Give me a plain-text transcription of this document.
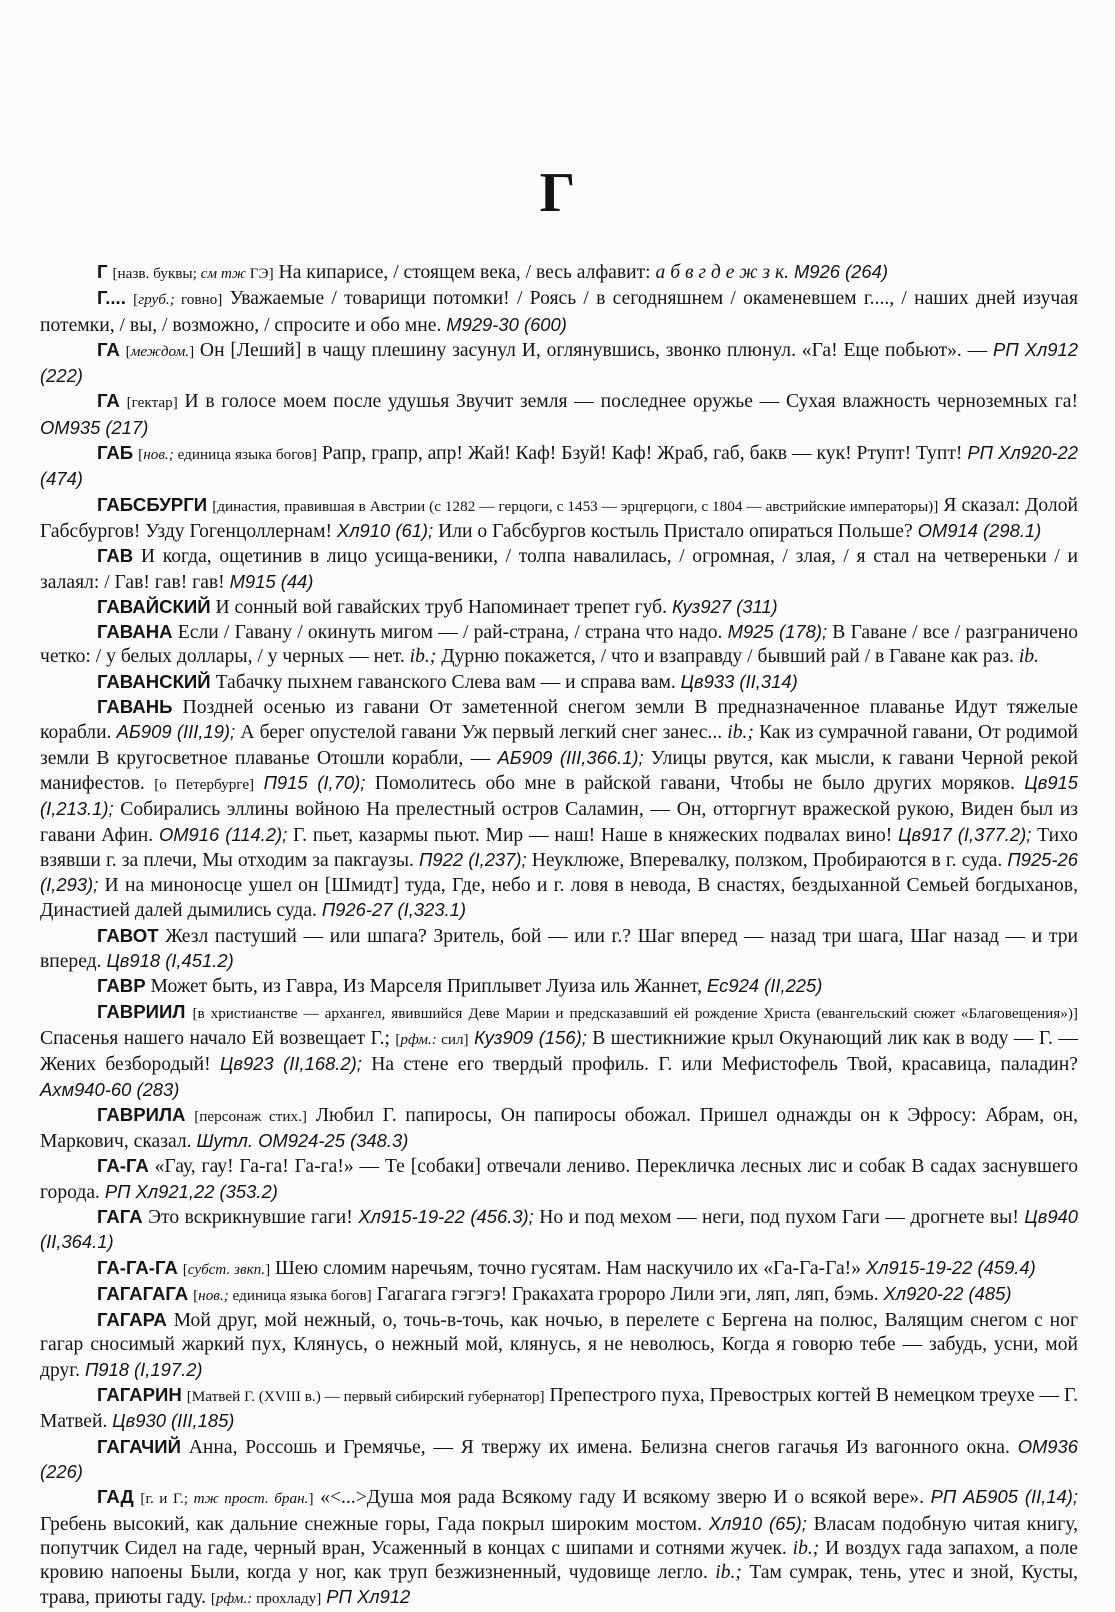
Г

Г [назв. буквы; см тж ГЭ] На кипарисе, / стоящем века, / весь алфавит: а б в г д е ж з к. М926 (264)

Г.... [груб.; говно] Уважаемые / товарищи потомки! / Роясь / в сегодняшнем / окаменевшем г...., / наших дней изучая потемки, / вы, / возможно, / спросите и обо мне. М929-30 (600)

ГА [междом.] Он [Леший] в чащу плешину засунул И, оглянувшись, звонко плюнул. «Га! Еще побьют». — РП Хл912 (222)

ГА [гектар] И в голосе моем после удушья Звучит земля — последнее оружье — Сухая влажность черноземных га! ОМ935 (217)

ГАБ [нов.; единица языка богов] Рапр, грапр, апр! Жай! Каф! Бзуй! Каф! Жраб, габ, бакв — кук! Ртупт! Тупт! РП Хл920-22 (474)

ГАБСБУРГИ [династия, правившая в Австрии (с 1282 — герцоги, с 1453 — эрцгерцоги, с 1804 — австрийские императоры)] Я сказал: Долой Габсбургов! Узду Гогенцоллернам! Хл910 (61); Или о Габсбургов костыль Пристало опираться Польше? ОМ914 (298.1)

ГАВ И когда, ощетинив в лицо усища-веники, / толпа навалилась, / огромная, / злая, / я стал на четвереньки / и залаял: / Гав! гав! гав! М915 (44)

ГАВАЙСКИЙ И сонный вой гавайских труб Напоминает трепет губ. Куз927 (311)

ГАВАНА Если / Гавану / окинуть мигом — / рай-страна, / страна что надо. М925 (178); В Гаване / все / разграничено четко: / у белых доллары, / у черных — нет. ib.; Дурню покажется, / что и взаправду / бывший рай / в Гаване как раз. ib.

ГАВАНСКИЙ Табачку пыхнем гаванского Слева вам — и справа вам. Цв933 (II,314)

ГАВАНЬ Поздней осенью из гавани От заметенной снегом земли В предназначенное плаванье Идут тяжелые корабли. АБ909 (III,19); А берег опустелой гавани Уж первый легкий снег занес... ib.; Как из сумрачной гавани, От родимой земли В кругосветное плаванье Отошли корабли, — АБ909 (III,366.1); Улицы рвутся, как мысли, к гавани Черной рекой манифестов. [о Петербурге] П915 (I,70); Помолитесь обо мне в райской гавани, Чтобы не было других моряков. Цв915 (I,213.1); Собирались эллины войною На прелестный остров Саламин, — Он, отторгнут вражеской рукою, Виден был из гавани Афин. ОМ916 (114.2); Г. пьет, казармы пьют. Мир — наш! Наше в княжеских подвалах вино! Цв917 (I,377.2); Тихо взявши г. за плечи, Мы отходим за пакгаузы. П922 (I,237); Неуклюже, Вперевалку, ползком, Пробираются в г. суда. П925-26 (I,293); И на миноносце ушел он [Шмидт] туда, Где, небо и г. ловя в невода, В снастях, бездыханной Семьей богдыханов, Династией далей дымились суда. П926-27 (I,323.1)

ГАВОТ Жезл пастуший — или шпага? Зритель, бой — или г.? Шаг вперед — назад три шага, Шаг назад — и три вперед. Цв918 (I,451.2)

ГАВР Может быть, из Гавра, Из Марселя Приплывет Луиза иль Жаннет, Ес924 (II,225)

ГАВРИИЛ [в христианстве — архангел, явившийся Деве Марии и предсказавший ей рождение Христа (евангельский сюжет «Благовещения»)] Спасенья нашего начало Ей возвещает Г.; [рфм.: сил] Куз909 (156); В шестикнижие крыл Окунающий лик как в воду — Г. — Жених безбородый! Цв923 (II,168.2); На стене его твердый профиль. Г. или Мефистофель Твой, красавица, паладин? Ахм940-60 (283)

ГАВРИЛА [персонаж стих.] Любил Г. папиросы, Он папиросы обожал. Пришел однажды он к Эфросу: Абрам, он, Маркович, сказал. Шутл. ОМ924-25 (348.3)

ГА-ГА «Гау, гау! Га-га! Га-га!» — Те [собаки] отвечали лениво. Перекличка лесных лис и собак В садах заснувшего города. РП Хл921,22 (353.2)

ГАГА Это вскрикнувшие гаги! Хл915-19-22 (456.3); Но и под мехом — неги, под пухом Гаги — дрогнете вы! Цв940 (II,364.1)

ГА-ГА-ГА [субст. звкп.] Шею сломим наречьям, точно гусятам. Нам наскучило их «Га-Га-Га!» Хл915-19-22 (459.4)

ГАГАГАГА [нов.; единица языка богов] Гагагага гэгэгэ! Гракахата гророро Лили эги, ляп, ляп, бэмь. Хл920-22 (485)

ГАГАРА Мой друг, мой нежный, о, точь-в-точь, как ночью, в перелете с Бергена на полюс, Валящим снегом с ног гагар сносимый жаркий пух, Клянусь, о нежный мой, клянусь, я не неволюсь, Когда я говорю тебе — забудь, усни, мой друг. П918 (I,197.2)

ГАГАРИН [Матвей Г. (XVIII в.) — первый сибирский губернатор] Препестрого пуха, Превострых когтей В немецком треухе — Г. Матвей. Цв930 (III,185)

ГАГАЧИЙ Анна, Россошь и Гремячье, — Я твержу их имена. Белизна снегов гагачья Из вагонного окна. ОМ936 (226)

ГАД [г. и Г.; тж прост. бран.] «<...>Душа моя рада Всякому гаду И всякому зверю И о всякой вере». РП АБ905 (II,14); Гребень высокий, как дальние снежные горы, Гада покрыл широким мостом. Хл910 (65); Власам подобную читая книгу, попутчик Сидел на гаде, черный вран, Усаженный в концах с шипами и сотнями жучек. ib.; И воздух гада запахом, а поле кровию напоены Были, когда у ног, как труп безжизненный, чудовище легло. ib.; Там сумрак, тень, утес и зной, Кусты, трава, приюты гаду. [рфм.: прохладу] РП Хл912
